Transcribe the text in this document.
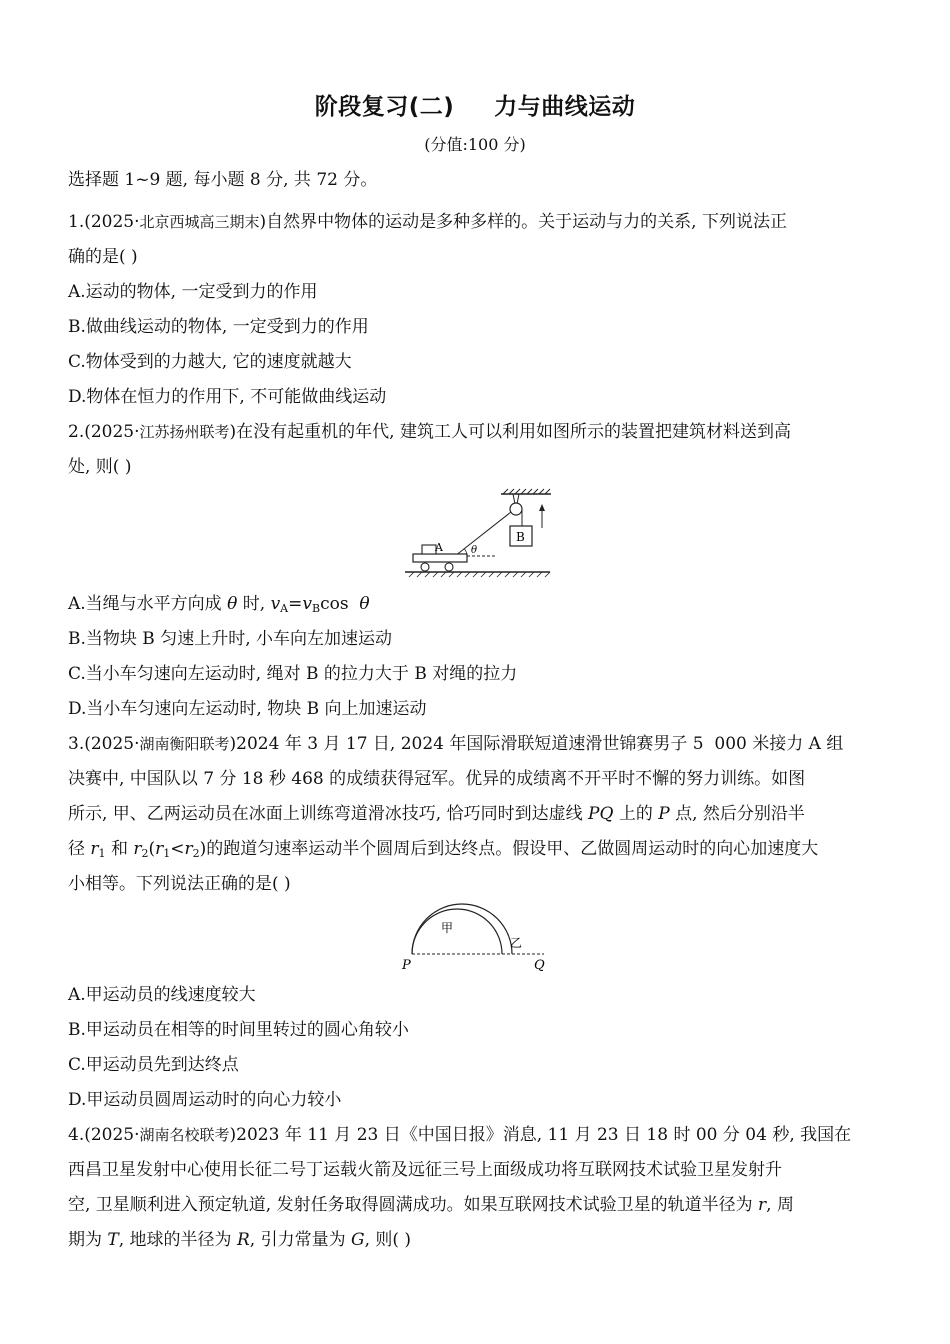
阶段复习(二) 力与曲线运动
(分值:100 分)
选择题 1~9 题, 每小题 8 分, 共 72 分。
1.(2025·北京西城高三期末)自然界中物体的运动是多种多样的。关于运动与力的关系, 下列说法正
确的是( )
A.运动的物体, 一定受到力的作用
B.做曲线运动的物体, 一定受到力的作用
C.物体受到的力越大, 它的速度就越大
D.物体在恒力的作用下, 不可能做曲线运动
2.(2025·江苏扬州联考)在没有起重机的年代, 建筑工人可以利用如图所示的装置把建筑材料送到高
处, 则( )
B
θ
A
A.当绳与水平方向成 θ 时, $v_A=v_B\cos$  θ
B.当物块 B 匀速上升时, 小车向左加速运动
C.当小车匀速向左运动时, 绳对 B 的拉力大于 B 对绳的拉力
D.当小车匀速向左运动时, 物块 B 向上加速运动
3.(2025·湖南衡阳联考)2024 年 3 月 17 日, 2024 年国际滑联短道速滑世锦赛男子 5  000 米接力 A 组
决赛中, 中国队以 7 分 18 秒 468 的成绩获得冠军。优异的成绩离不开平时不懈的努力训练。如图
所示, 甲、乙两运动员在冰面上训练弯道滑冰技巧, 恰巧同时到达虚线 PQ 上的 P 点, 然后分别沿半
径 $r_1$ 和 $r_2(r_1<r_2)$的跑道匀速率运动半个圆周后到达终点。假设甲、乙做圆周运动时的向心加速度大
小相等。下列说法正确的是( )
甲
乙
P	Q
A.甲运动员的线速度较大
B.甲运动员在相等的时间里转过的圆心角较小
C.甲运动员先到达终点
D.甲运动员圆周运动时的向心力较小
4.(2025·湖南名校联考)2023 年 11 月 23 日《中国日报》消息, 11 月 23 日 18 时 00 分 04 秒, 我国在
西昌卫星发射中心使用长征二号丁运载火箭及远征三号上面级成功将互联网技术试验卫星发射升
空, 卫星顺利进入预定轨道, 发射任务取得圆满成功。如果互联网技术试验卫星的轨道半径为 r, 周
期为 T, 地球的半径为 R, 引力常量为 G, 则( )
